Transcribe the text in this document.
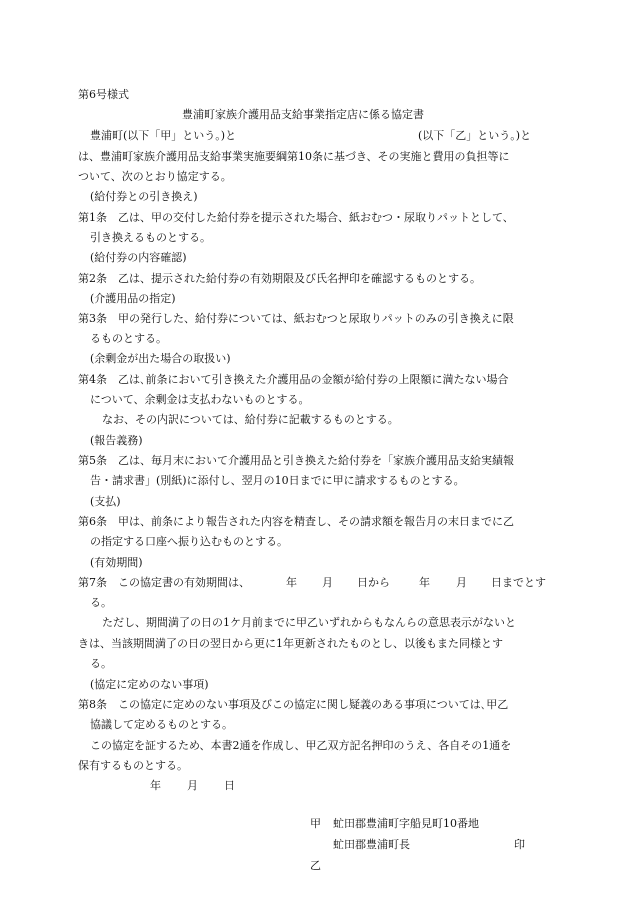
第6号様式
豊浦町家族介護用品支給事業指定店に係る協定書
豊浦町(以下「甲」という。)と	(以下「乙」という。)と
は、豊浦町家族介護用品支給事業実施要綱第10条に基づき、その実施と費用の負担等に
ついて、次のとおり協定する。
(給付券との引き換え)
第1条　乙は、甲の交付した給付券を提示された場合、紙おむつ・尿取りパットとして、
引き換えるものとする。
(給付券の内容確認)
第2条　乙は、提示された給付券の有効期限及び氏名押印を確認するものとする。
(介護用品の指定)
第3条　甲の発行した、給付券については、紙おむつと尿取りパットのみの引き換えに限
るものとする。
(余剰金が出た場合の取扱い)
第4条　乙は､前条において引き換えた介護用品の金額が給付券の上限額に満たない場合
について、余剰金は支払わないものとする。
なお、その内訳については、給付券に記載するものとする。
(報告義務)
第5条　乙は、毎月末において介護用品と引き換えた給付券を「家族介護用品支給実績報
告・請求書」(別紙)に添付し、翌月の10日までに甲に請求するものとする。
(支払)
第6条　甲は、前条により報告された内容を精査し、その請求額を報告月の末日までに乙
の指定する口座へ振り込むものとする。
(有効期間)
第7条　この協定書の有効期間は、	年 月 日から	年 月 日までとす
る。
ただし、期間満了の日の1ケ月前までに甲乙いずれからもなんらの意思表示がないと
きは、当該期間満了の日の翌日から更に1年更新されたものとし、以後もまた同様とす
る。
(協定に定めのない事項)
第8条　この協定に定めのない事項及びこの協定に関し疑義のある事項については､甲乙
協議して定めるものとする。
この協定を証するため、本書2通を作成し、甲乙双方記名押印のうえ、各自その1通を
保有するものとする。
年 月 日
甲 虻田郡豊浦町字船見町10番地
虻田郡豊浦町長	印
乙
